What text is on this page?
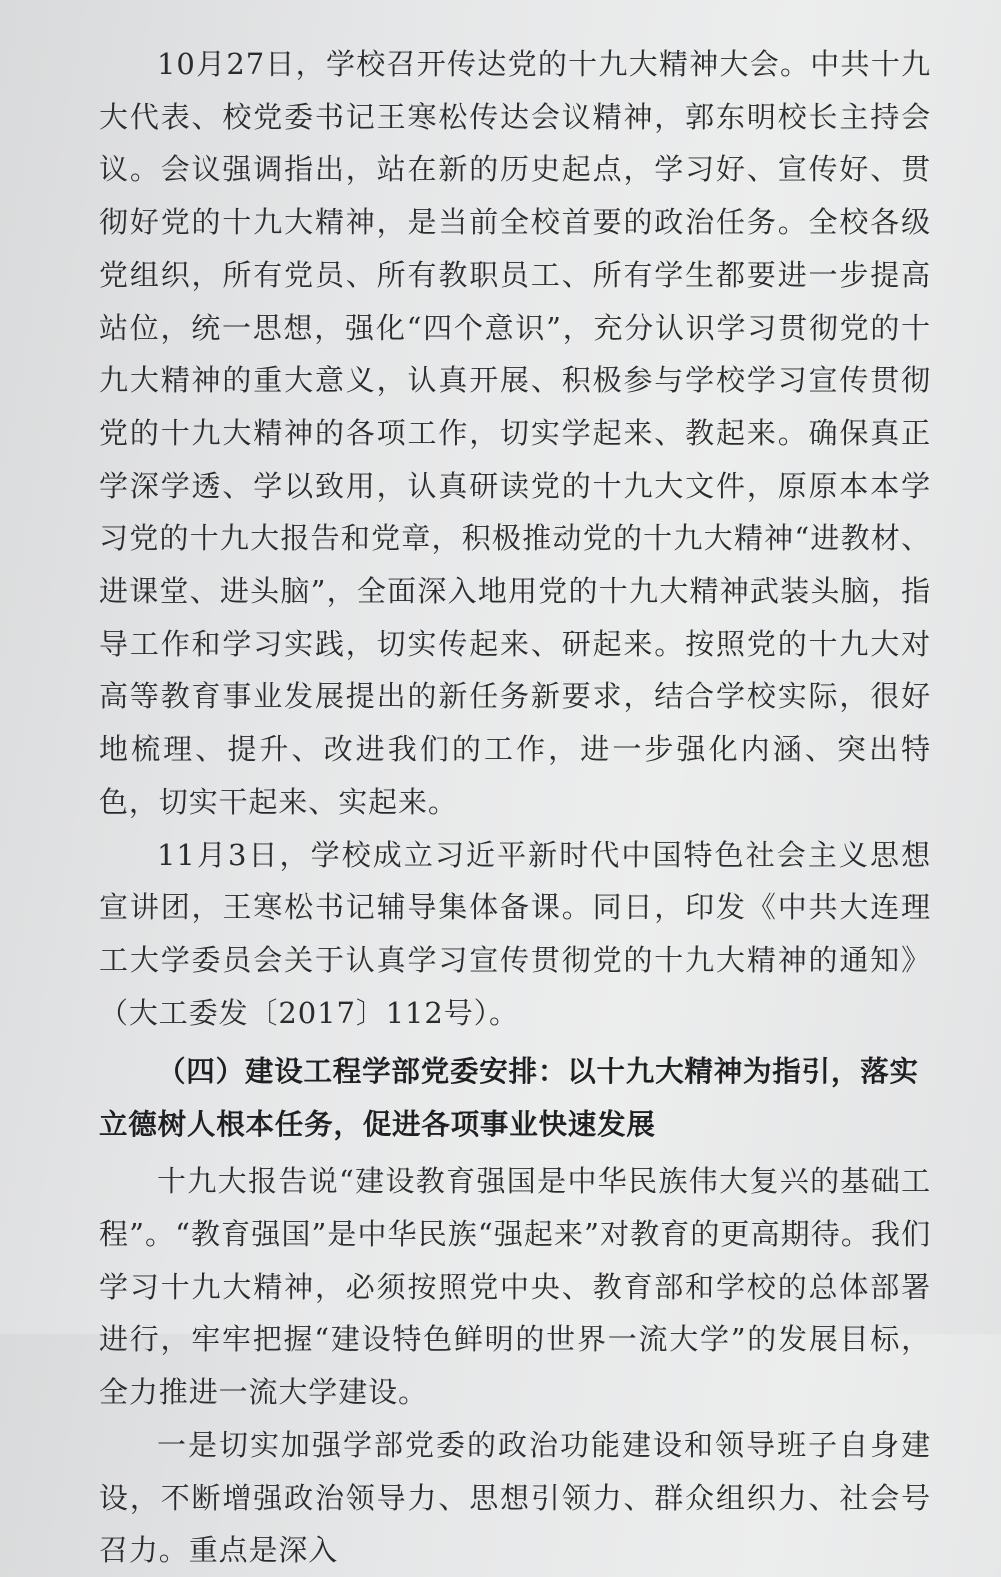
10月27日，学校召开传达党的十九大精神大会。中共十九大代表、校党委书记王寒松传达会议精神，郭东明校长主持会议。会议强调指出，站在新的历史起点，学习好、宣传好、贯彻好党的十九大精神，是当前全校首要的政治任务。全校各级党组织，所有党员、所有教职员工、所有学生都要进一步提高站位，统一思想，强化“四个意识”，充分认识学习贯彻党的十九大精神的重大意义，认真开展、积极参与学校学习宣传贯彻党的十九大精神的各项工作，切实学起来、教起来。确保真正学深学透、学以致用，认真研读党的十九大文件，原原本本学习党的十九大报告和党章，积极推动党的十九大精神“进教材、进课堂、进头脑”，全面深入地用党的十九大精神武装头脑，指导工作和学习实践，切实传起来、研起来。按照党的十九大对高等教育事业发展提出的新任务新要求，结合学校实际，很好地梳理、提升、改进我们的工作，进一步强化内涵、突出特色，切实干起来、实起来。

11月3日，学校成立习近平新时代中国特色社会主义思想宣讲团，王寒松书记辅导集体备课。同日，印发《中共大连理工大学委员会关于认真学习宣传贯彻党的十九大精神的通知》（大工委发〔2017〕112号）。

（四）建设工程学部党委安排：以十九大精神为指引，落实立德树人根本任务，促进各项事业快速发展

十九大报告说“建设教育强国是中华民族伟大复兴的基础工程”。“教育强国”是中华民族“强起来”对教育的更高期待。我们学习十九大精神，必须按照党中央、教育部和学校的总体部署进行，牢牢把握“建设特色鲜明的世界一流大学”的发展目标，全力推进一流大学建设。

一是切实加强学部党委的政治功能建设和领导班子自身建设，不断增强政治领导力、思想引领力、群众组织力、社会号召力。重点是深入
